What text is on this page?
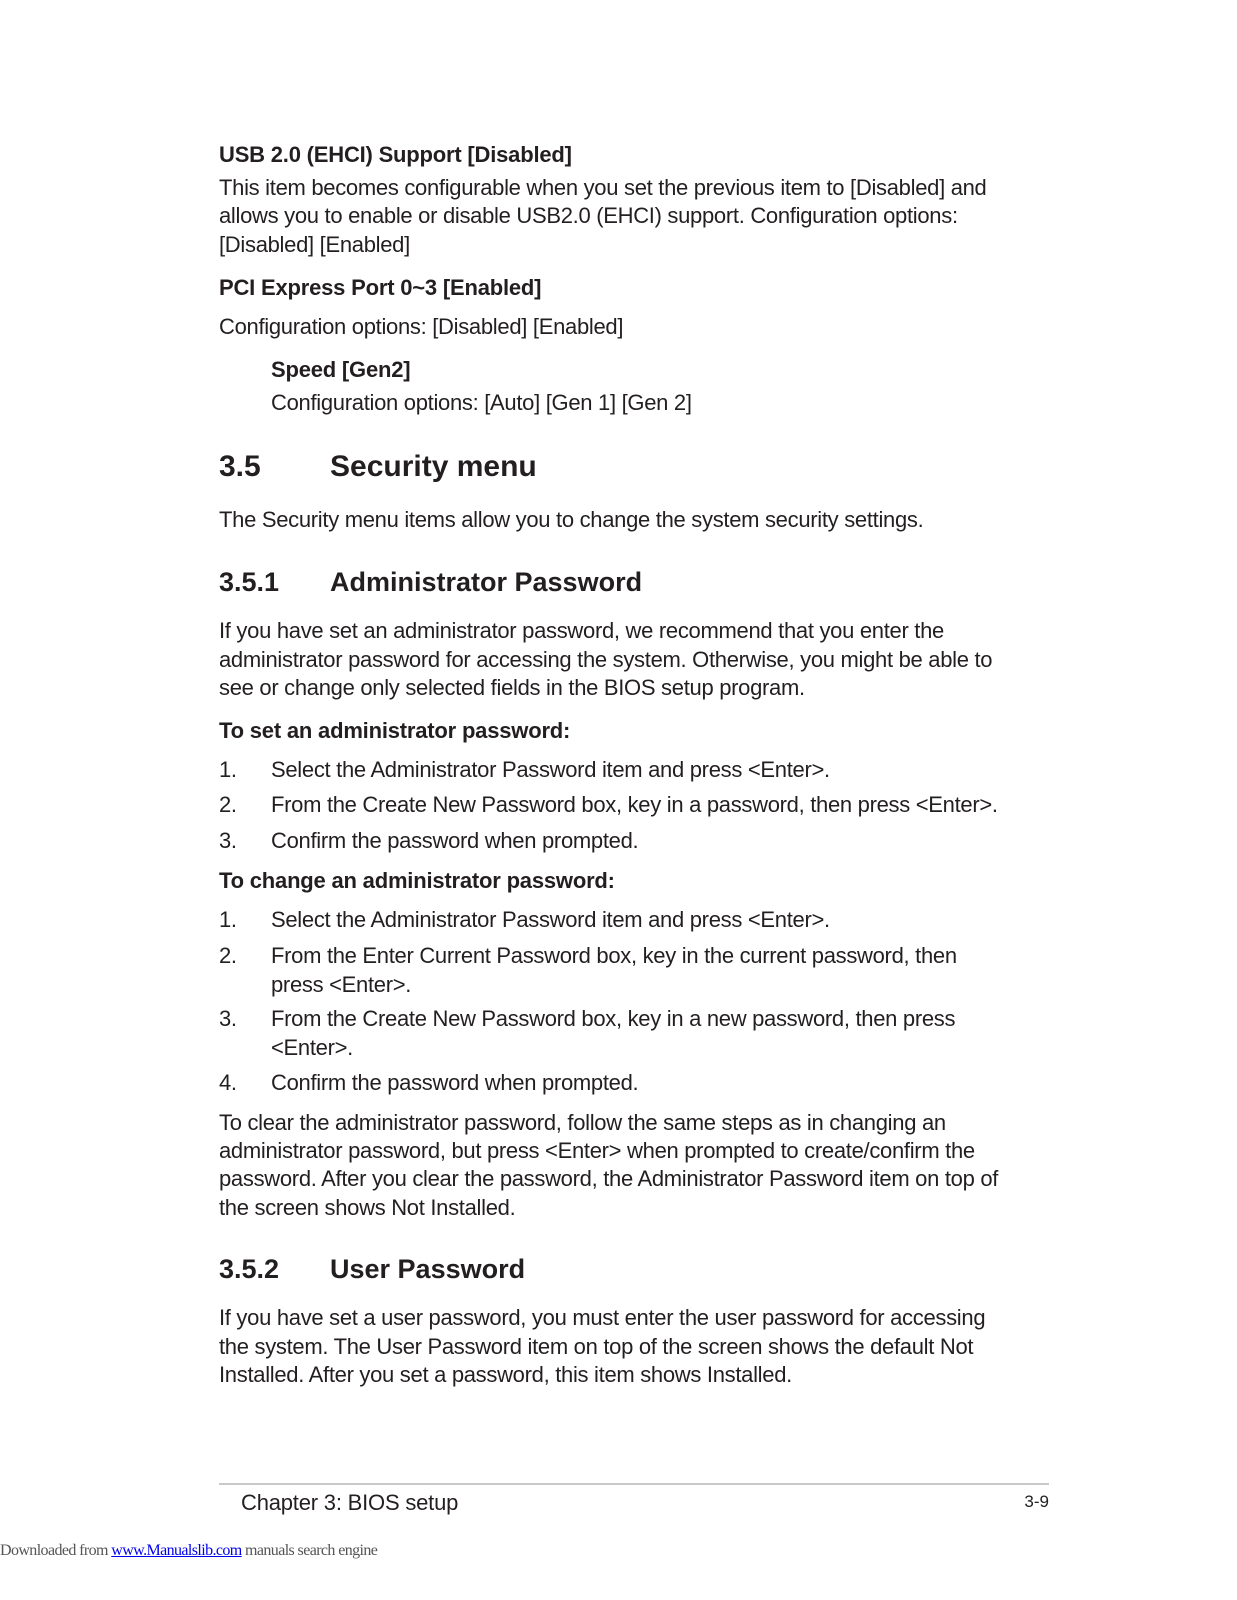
USB 2.0 (EHCI) Support [Disabled]
This item becomes configurable when you set the previous item to [Disabled] and
allows you to enable or disable USB2.0 (EHCI) support. Configuration options:
[Disabled] [Enabled]
PCI Express Port 0~3 [Enabled]
Configuration options: [Disabled] [Enabled]
Speed [Gen2]
Configuration options: [Auto] [Gen 1] [Gen 2]
3.5 Security menu
The Security menu items allow you to change the system security settings.
3.5.1 Administrator Password
If you have set an administrator password, we recommend that you enter the
administrator password for accessing the system. Otherwise, you might be able to
see or change only selected fields in the BIOS setup program.
To set an administrator password:
1.	Select the Administrator Password item and press <Enter>.
2.	From the Create New Password box, key in a password, then press <Enter>.
3.	Confirm the password when prompted.
To change an administrator password:
1.	Select the Administrator Password item and press <Enter>.
2.	From the Enter Current Password box, key in the current password, then
press <Enter>.
3.	From the Create New Password box, key in a new password, then press
<Enter>.
4.	Confirm the password when prompted.
To clear the administrator password, follow the same steps as in changing an
administrator password, but press <Enter> when prompted to create/confirm the
password. After you clear the password, the Administrator Password item on top of
the screen shows Not Installed.
3.5.2 User Password
If you have set a user password, you must enter the user password for accessing
the system. The User Password item on top of the screen shows the default Not
Installed. After you set a password, this item shows Installed.
Chapter 3: BIOS setup	3-9
Downloaded from www.Manualslib.com manuals search engine
